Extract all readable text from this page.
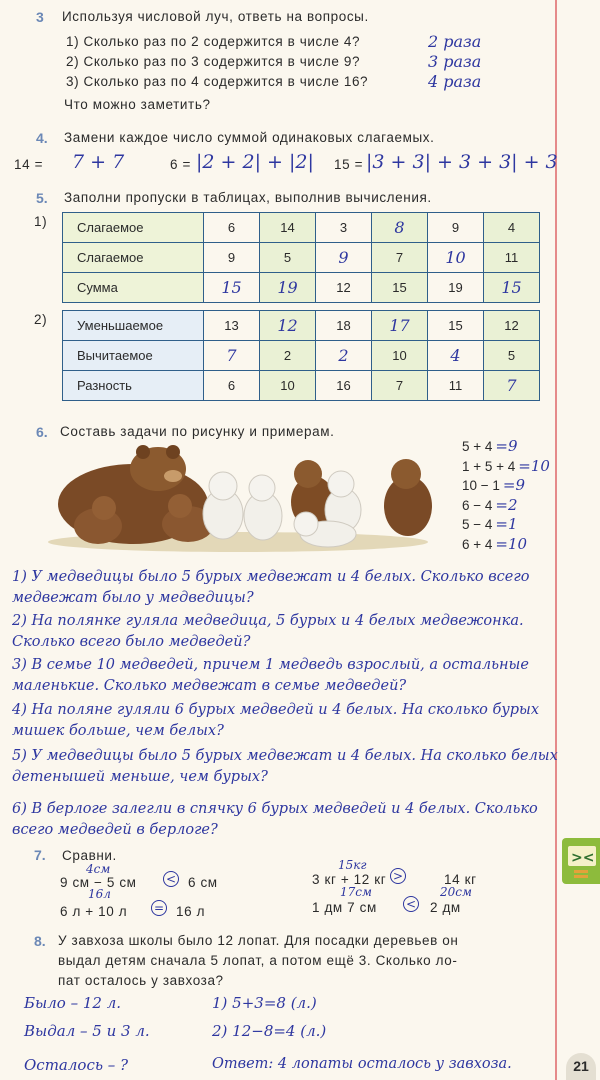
3 Используя числовой луч, ответь на вопросы.
1) Сколько раз по 2 содержится в числе 4?	2 раза
2) Сколько раз по 3 содержится в числе 9?	3 раза
3) Сколько раз по 4 содержится в числе 16?	4 раза
Что можно заметить?
4. Замени каждое число суммой одинаковых слагаемых.
14 = 7 + 7	6 = |2 + 2| + |2| 15 = |3 + 3| + 3 + 3| + 3
5. Заполни пропуски в таблицах, выполнив вычисления.
1) Слагаемое	6	14	3	8	9	4
Слагаемое	9	5	9	7	10	11
Сумма	15	19	12	15	19	15
2) Уменьшаемое	13	12	18	17	15	12
Вычитаемое	7	2	2	10	4	5
Разность	6	10	16	7	11	7
6. Составь задачи по рисунку и примерам.
5 + 4 =9
1 + 5 + 4 =10
10 − 1 =9
6 − 4 =2
5 − 4 =1
6 + 4 =10
1) У медведицы было 5 бурых медвежат и 4 белых. Сколько всего
медвежат было у медведицы?
2) На полянке гуляла медведица, 5 бурых и 4 белых медвежонка.
Сколько всего было медведей?
3) В семье 10 медведей, причем 1 медведь взрослый, а остальные
маленькие. Сколько медвежат в семье медведей?
4) На поляне гуляли 6 бурых медведей и 4 белых. На сколько бурых
мишек больше, чем белых?
5) У медведицы было 5 бурых медвежат и 4 белых. На сколько белых
детенышей меньше, чем бурых?
6) В берлоге залегли в спячку 6 бурых медведей и 4 белых. Сколько
всего медведей в берлоге?
7. Сравни.
4см
9 см − 5 см < 6 см
16л
6 л + 10 л = 16 л
15кг
3 кг + 12 кг >	14 кг
17см	20см
1 дм 7 см < 2 дм
8. У завхоза школы было 12 лопат. Для посадки деревьев он
выдал детям сначала 5 лопат, а потом ещё 3. Сколько ло-
пат осталось у завхоза?
Было – 12 л.
Выдал – 5 и 3 л.
Осталось – ?
1) 5+3=8 (л.)
2) 12−8=4 (л.)
Ответ: 4 лопаты осталось у завхоза.
><
21
